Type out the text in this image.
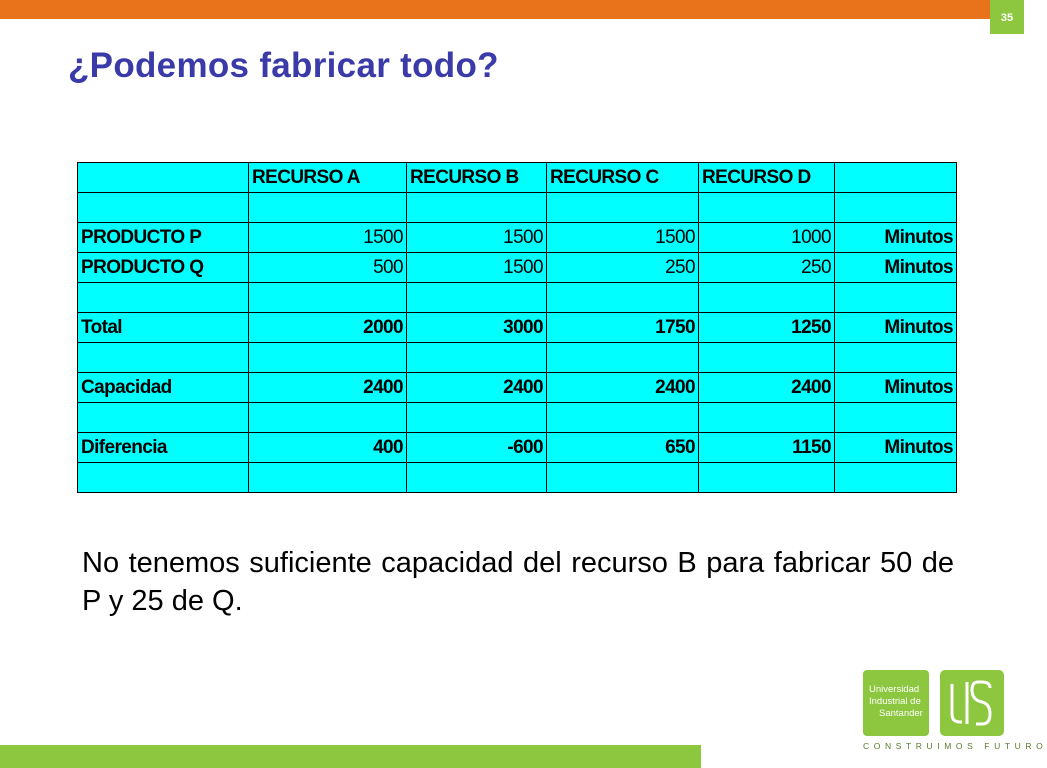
35
¿Podemos fabricar todo?
	RECURSO A	RECURSO B	RECURSO C	RECURSO D	

PRODUCTO P	1500	1500	1500	1000	Minutos
PRODUCTO Q	500	1500	250	250	Minutos

Total	2000	3000	1750	1250	Minutos

Capacidad	2400	2400	2400	2400	Minutos

Diferencia	400	-600	650	1150	Minutos

No tenemos suficiente capacidad del recurso B para fabricar 50 de P y 25 de Q.

Universidad
Industrial de
Santander
CONSTRUIMOS FUTURO
